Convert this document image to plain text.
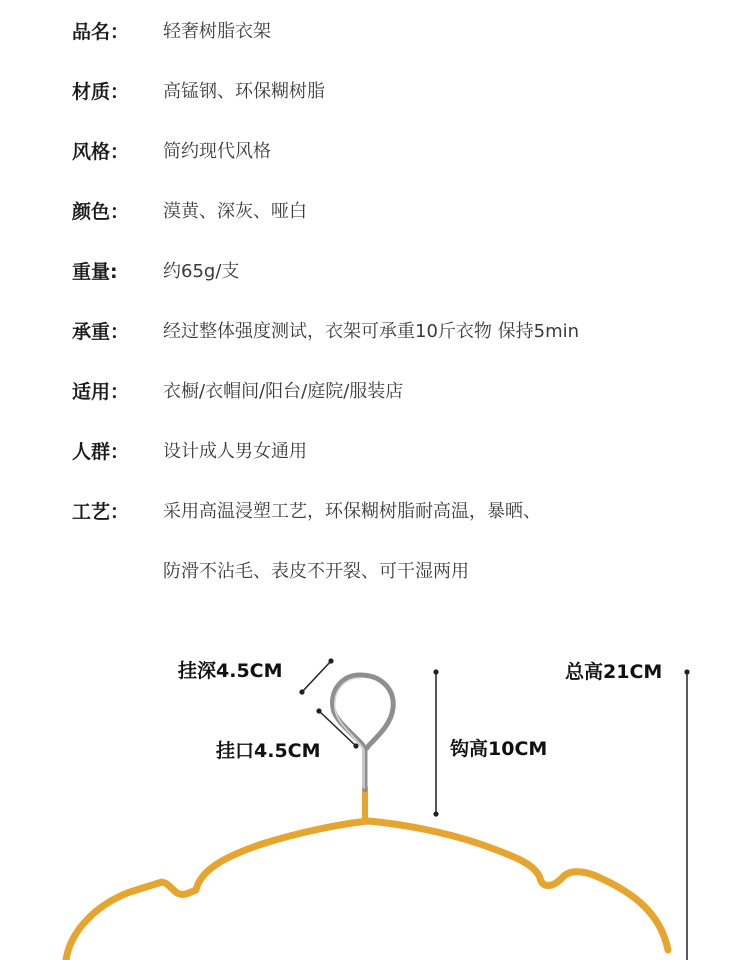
品名： 轻奢树脂衣架
材质： 高锰钢、环保糊树脂
风格： 简约现代风格
颜色： 漠黄、深灰、哑白
重量:	约65g/支
承重： 经过整体强度测试，衣架可承重10斤衣物 保持5min
适用： 衣橱/衣帽间/阳台/庭院/服装店
人群： 设计成人男女通用
工艺： 采用高温浸塑工艺，环保糊树脂耐高温，暴晒、
防滑不沾毛、表皮不开裂、可干湿两用
挂深4.5CM
挂口4.5CM	钩高10CM
总高21CM
